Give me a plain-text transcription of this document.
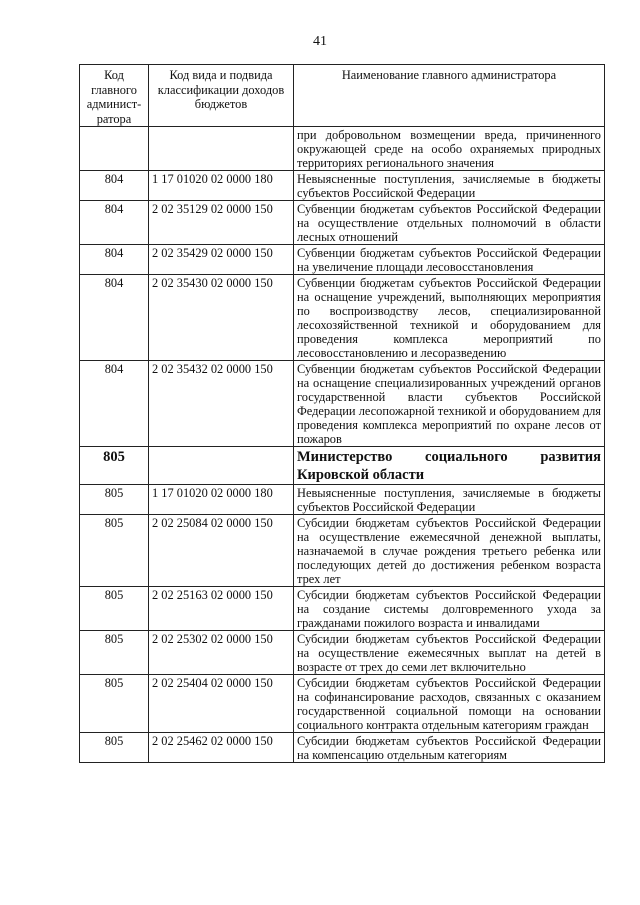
41
Код главного админист-ратора	Код вида и подвида классификации доходов бюджетов	Наименование главного администратора
		при добровольном возмещении вреда, причиненного окружающей среде на особо охраняемых природных территориях регионального значения
804	1 17 01020 02 0000 180	Невыясненные поступления, зачисляемые в бюджеты субъектов Российской Федерации
804	2 02 35129 02 0000 150	Субвенции бюджетам субъектов Российской Федерации на осуществление отдельных полномочий в области лесных отношений
804	2 02 35429 02 0000 150	Субвенции бюджетам субъектов Российской Федерации на увеличение площади лесовосстановления
804	2 02 35430 02 0000 150	Субвенции бюджетам субъектов Российской Федерации на оснащение учреждений, выполняющих мероприятия по воспроизводству лесов, специализированной лесохозяйственной техникой и оборудованием для проведения комплекса мероприятий по лесовосстановлению и лесоразведению
804	2 02 35432 02 0000 150	Субвенции бюджетам субъектов Российской Федерации на оснащение специализированных учреждений органов государственной власти субъектов Российской Федерации лесопожарной техникой и оборудованием для проведения комплекса мероприятий по охране лесов от пожаров
805		Министерство социального развития Кировской области
805	1 17 01020 02 0000 180	Невыясненные поступления, зачисляемые в бюджеты субъектов Российской Федерации
805	2 02 25084 02 0000 150	Субсидии бюджетам субъектов Российской Федерации на осуществление ежемесячной денежной выплаты, назначаемой в случае рождения третьего ребенка или последующих детей до достижения ребенком возраста трех лет
805	2 02 25163 02 0000 150	Субсидии бюджетам субъектов Российской Федерации на создание системы долговременного ухода за гражданами пожилого возраста и инвалидами
805	2 02 25302 02 0000 150	Субсидии бюджетам субъектов Российской Федерации на осуществление ежемесячных выплат на детей в возрасте от трех до семи лет включительно
805	2 02 25404 02 0000 150	Субсидии бюджетам субъектов Российской Федерации на софинансирование расходов, связанных с оказанием государственной социальной помощи на основании социального контракта отдельным категориям граждан
805	2 02 25462 02 0000 150	Субсидии бюджетам субъектов Российской Федерации на компенсацию отдельным категориям
